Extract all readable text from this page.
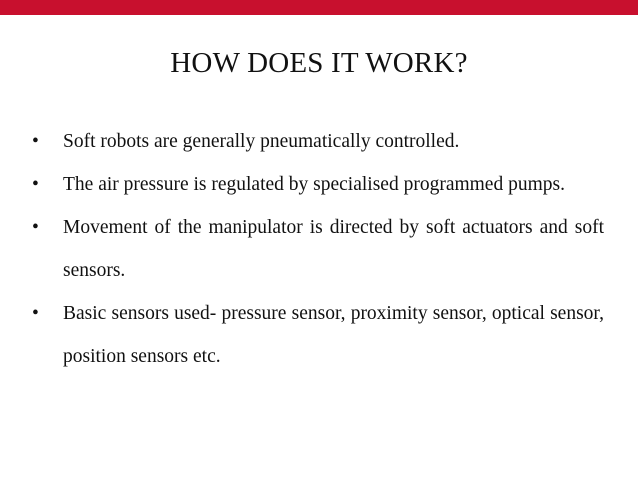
HOW DOES IT WORK?
•	Soft robots are generally pneumatically controlled.
•	The air pressure is regulated by specialised programmed pumps.
•	Movement of the manipulator is directed by soft actuators and soft sensors.
•	Basic sensors used- pressure sensor, proximity sensor, optical sensor, position sensors etc.
